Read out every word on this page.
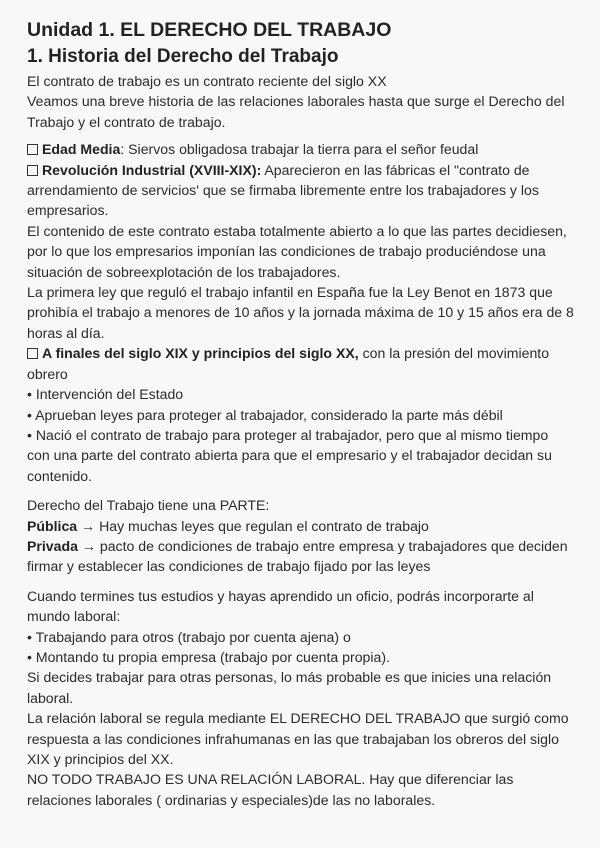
Unidad 1. EL DERECHO DEL TRABAJO
1. Historia del Derecho del Trabajo

El contrato de trabajo es un contrato reciente del siglo XX

Veamos una breve historia de las relaciones laborales hasta que surge el Derecho del Trabajo y el contrato de trabajo.

Edad Media: Siervos obligadosa trabajar la tierra para el señor feudal

Revolución Industrial (XVIII-XIX): Aparecieron en las fábricas el "contrato de arrendamiento de servicios' que se firmaba libremente entre los trabajadores y los empresarios.

El contenido de este contrato estaba totalmente abierto a lo que las partes decidiesen, por lo que los empresarios imponían las condiciones de trabajo produciéndose una situación de sobreexplotación de los trabajadores.

La primera ley que reguló el trabajo infantil en España fue la Ley Benot en 1873 que prohibía el trabajo a menores de 10 años y la jornada máxima de 10 y 15 años era de 8 horas al día.

A finales del siglo XIX y principios del siglo XX, con la presión del movimiento obrero

• Intervención del Estado

• Aprueban leyes para proteger al trabajador, considerado la parte más débil

• Nació el contrato de trabajo para proteger al trabajador, pero que al mismo tiempo con una parte del contrato abierta para que el empresario y el trabajador decidan su contenido.

Derecho del Trabajo tiene una PARTE:

Pública → Hay muchas leyes que regulan el contrato de trabajo

Privada → pacto de condiciones de trabajo entre empresa y trabajadores que deciden firmar y establecer las condiciones de trabajo fijado por las leyes

Cuando termines tus estudios y hayas aprendido un oficio, podrás incorporarte al mundo laboral:

• Trabajando para otros (trabajo por cuenta ajena) o

• Montando tu propia empresa (trabajo por cuenta propia).

Si decides trabajar para otras personas, lo más probable es que inicies una relación laboral.

La relación laboral se regula mediante EL DERECHO DEL TRABAJO que surgió como respuesta a las condiciones infrahumanas en las que trabajaban los obreros del siglo XIX y principios del XX.

NO TODO TRABAJO ES UNA RELACIÓN LABORAL. Hay que diferenciar las relaciones laborales ( ordinarias y especiales)de las no laborales.
